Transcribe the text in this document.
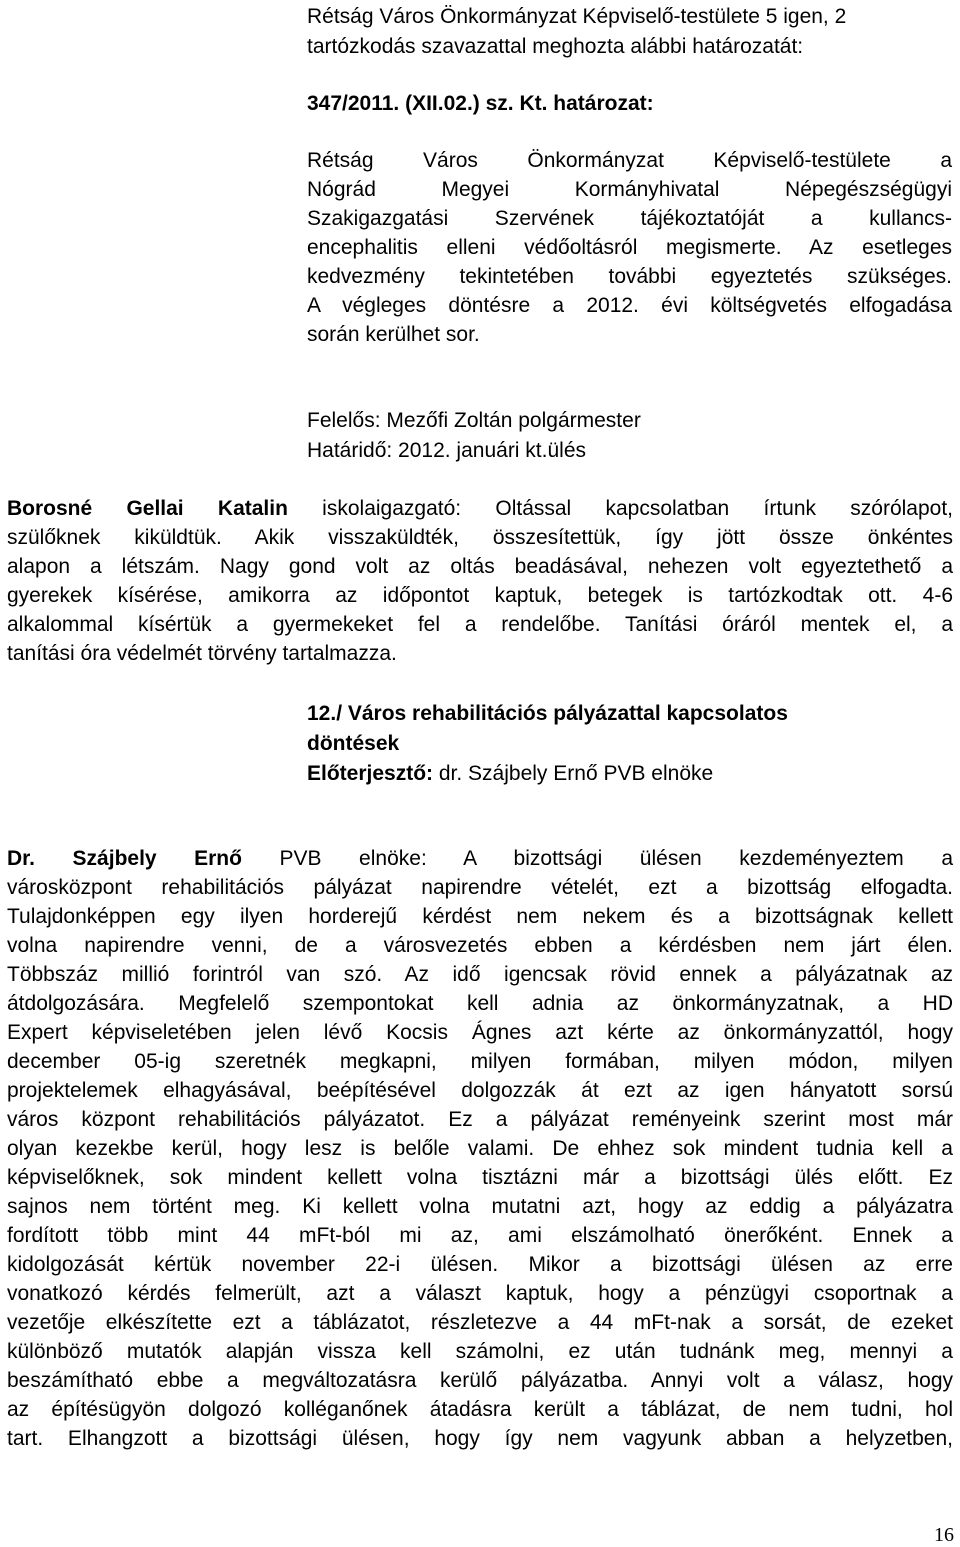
Rétság Város Önkormányzat Képviselő-testülete 5 igen, 2
tartózkodás szavazattal meghozta alábbi határozatát:
347/2011. (XII.02.) sz. Kt. határozat:
Rétság Város Önkormányzat Képviselő-testülete a
Nógrád Megyei Kormányhivatal Népegészségügyi
Szakigazgatási Szervének tájékoztatóját a kullancs-
encephalitis elleni védőoltásról megismerte. Az esetleges
kedvezmény tekintetében további egyeztetés szükséges.
A végleges döntésre a 2012. évi költségvetés elfogadása
során kerülhet sor.
Felelős: Mezőfi Zoltán polgármester
Határidő: 2012. januári kt.ülés
Borosné Gellai Katalin iskolaigazgató: Oltással kapcsolatban írtunk szórólapot,
szülőknek kiküldtük. Akik visszaküldték, összesítettük, így jött össze önkéntes
alapon a létszám. Nagy gond volt az oltás beadásával, nehezen volt egyeztethető a
gyerekek kísérése, amikorra az időpontot kaptuk, betegek is tartózkodtak ott. 4-6
alkalommal kísértük a gyermekeket fel a rendelőbe. Tanítási óráról mentek el, a
tanítási óra védelmét törvény tartalmazza.
12./ Város rehabilitációs pályázattal kapcsolatos
döntések
Előterjesztő: dr. Szájbely Ernő PVB elnöke
Dr. Szájbely Ernő PVB elnöke: A bizottsági ülésen kezdeményeztem a
városközpont rehabilitációs pályázat napirendre vételét, ezt a bizottság elfogadta.
Tulajdonképpen egy ilyen horderejű kérdést nem nekem és a bizottságnak kellett
volna napirendre venni, de a városvezetés ebben a kérdésben nem járt élen.
Többszáz millió forintról van szó. Az idő igencsak rövid ennek a pályázatnak az
átdolgozására. Megfelelő szempontokat kell adnia az önkormányzatnak, a HD
Expert képviseletében jelen lévő Kocsis Ágnes azt kérte az önkormányzattól, hogy
december 05-ig szeretnék megkapni, milyen formában, milyen módon, milyen
projektelemek elhagyásával, beépítésével dolgozzák át ezt az igen hányatott sorsú
város központ rehabilitációs pályázatot. Ez a pályázat reményeink szerint most már
olyan kezekbe kerül, hogy lesz is belőle valami. De ehhez sok mindent tudnia kell a
képviselőknek, sok mindent kellett volna tisztázni már a bizottsági ülés előtt. Ez
sajnos nem történt meg. Ki kellett volna mutatni azt, hogy az eddig a pályázatra
fordított több mint 44 mFt-ból mi az, ami elszámolható önerőként. Ennek a
kidolgozását kértük november 22-i ülésen. Mikor a bizottsági ülésen az erre
vonatkozó kérdés felmerült, azt a választ kaptuk, hogy a pénzügyi csoportnak a
vezetője elkészítette ezt a táblázatot, részletezve a 44 mFt-nak a sorsát, de ezeket
különböző mutatók alapján vissza kell számolni, ez után tudnánk meg, mennyi a
beszámítható ebbe a megváltozatásra kerülő pályázatba. Annyi volt a válasz, hogy
az építésügyön dolgozó kolléganőnek átadásra került a táblázat, de nem tudni, hol
tart. Elhangzott a bizottsági ülésen, hogy így nem vagyunk abban a helyzetben,
16
